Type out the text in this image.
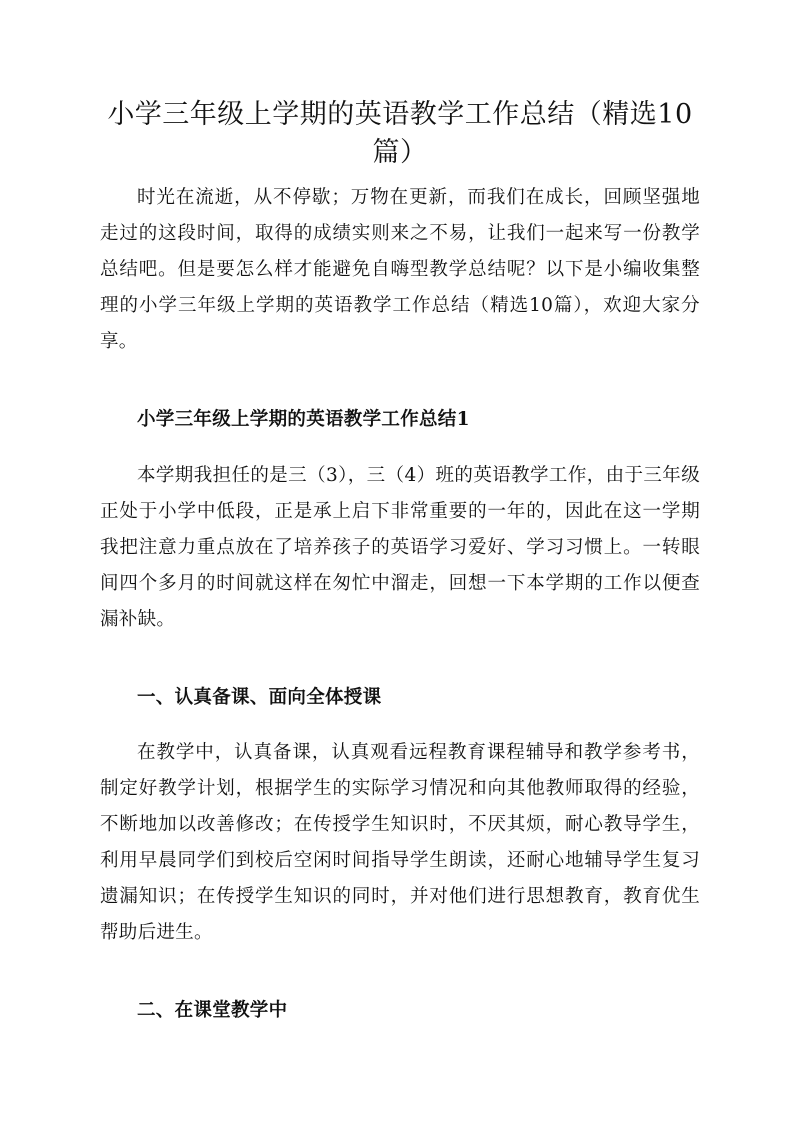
小学三年级上学期的英语教学工作总结（精选10篇）

时光在流逝，从不停歇；万物在更新，而我们在成长，回顾坚强地走过的这段时间，取得的成绩实则来之不易，让我们一起来写一份教学总结吧。但是要怎么样才能避免自嗨型教学总结呢？以下是小编收集整理的小学三年级上学期的英语教学工作总结（精选10篇），欢迎大家分享。

小学三年级上学期的英语教学工作总结1

本学期我担任的是三（3），三（4）班的英语教学工作，由于三年级正处于小学中低段，正是承上启下非常重要的一年的，因此在这一学期我把注意力重点放在了培养孩子的英语学习爱好、学习习惯上。一转眼间四个多月的时间就这样在匆忙中溜走，回想一下本学期的工作以便查漏补缺。

一、认真备课、面向全体授课

在教学中，认真备课，认真观看远程教育课程辅导和教学参考书，制定好教学计划，根据学生的实际学习情况和向其他教师取得的经验，不断地加以改善修改；在传授学生知识时，不厌其烦，耐心教导学生，利用早晨同学们到校后空闲时间指导学生朗读，还耐心地辅导学生复习遗漏知识；在传授学生知识的同时，并对他们进行思想教育，教育优生帮助后进生。

二、在课堂教学中
